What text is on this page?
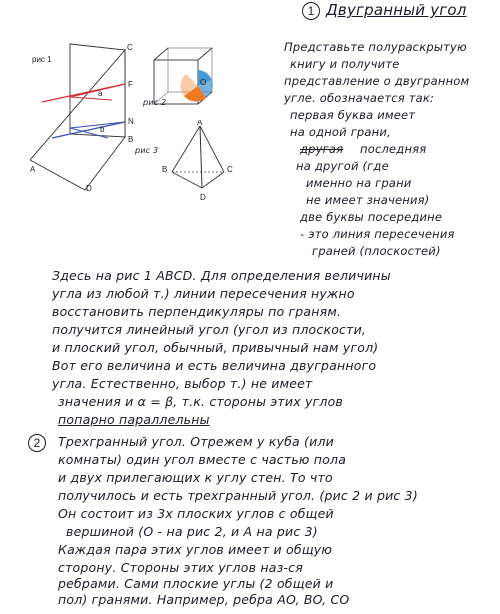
рис 1
C
F
a
N
b
B
A
D
O
рис 2
A
B	C
D
рис 3
1 Двугранный угол
Представьте полураскрытую
книгу и получите
представление о двугранном
угле. обозначается так:
первая буква имеет
на одной грани,
другая последняя
на другой (где
именно на грани
не имеет значения)
две буквы посередине
- это линия пересечения
граней (плоскостей)
Здесь на рис 1 ABCD. Для определения величины
угла из любой т.) линии пересечения нужно
восстановить перпендикуляры по граням.
получится линейный угол (угол из плоскости,
и плоский угол, обычный, привычный нам угол)
Вот его величина и есть величина двугранного
угла. Естественно, выбор т.) не имеет
значения и α = β, т.к. стороны этих углов
попарно параллельны
2	Трехгранный угол. Отрежем у куба (или
комнаты) один угол вместе с частью пола
и двух прилегающих к углу стен. То что
получилось и есть трехгранный угол. (рис 2 и рис 3)
Он состоит из 3х плоских углов с общей
вершиной (O - на рис 2, и A на рис 3)
Каждая пара этих углов имеет и общую
сторону. Стороны этих углов наз-ся
ребрами. Сами плоские углы (2 общей и
пол) гранями. Например, ребра AO, BO, CO
